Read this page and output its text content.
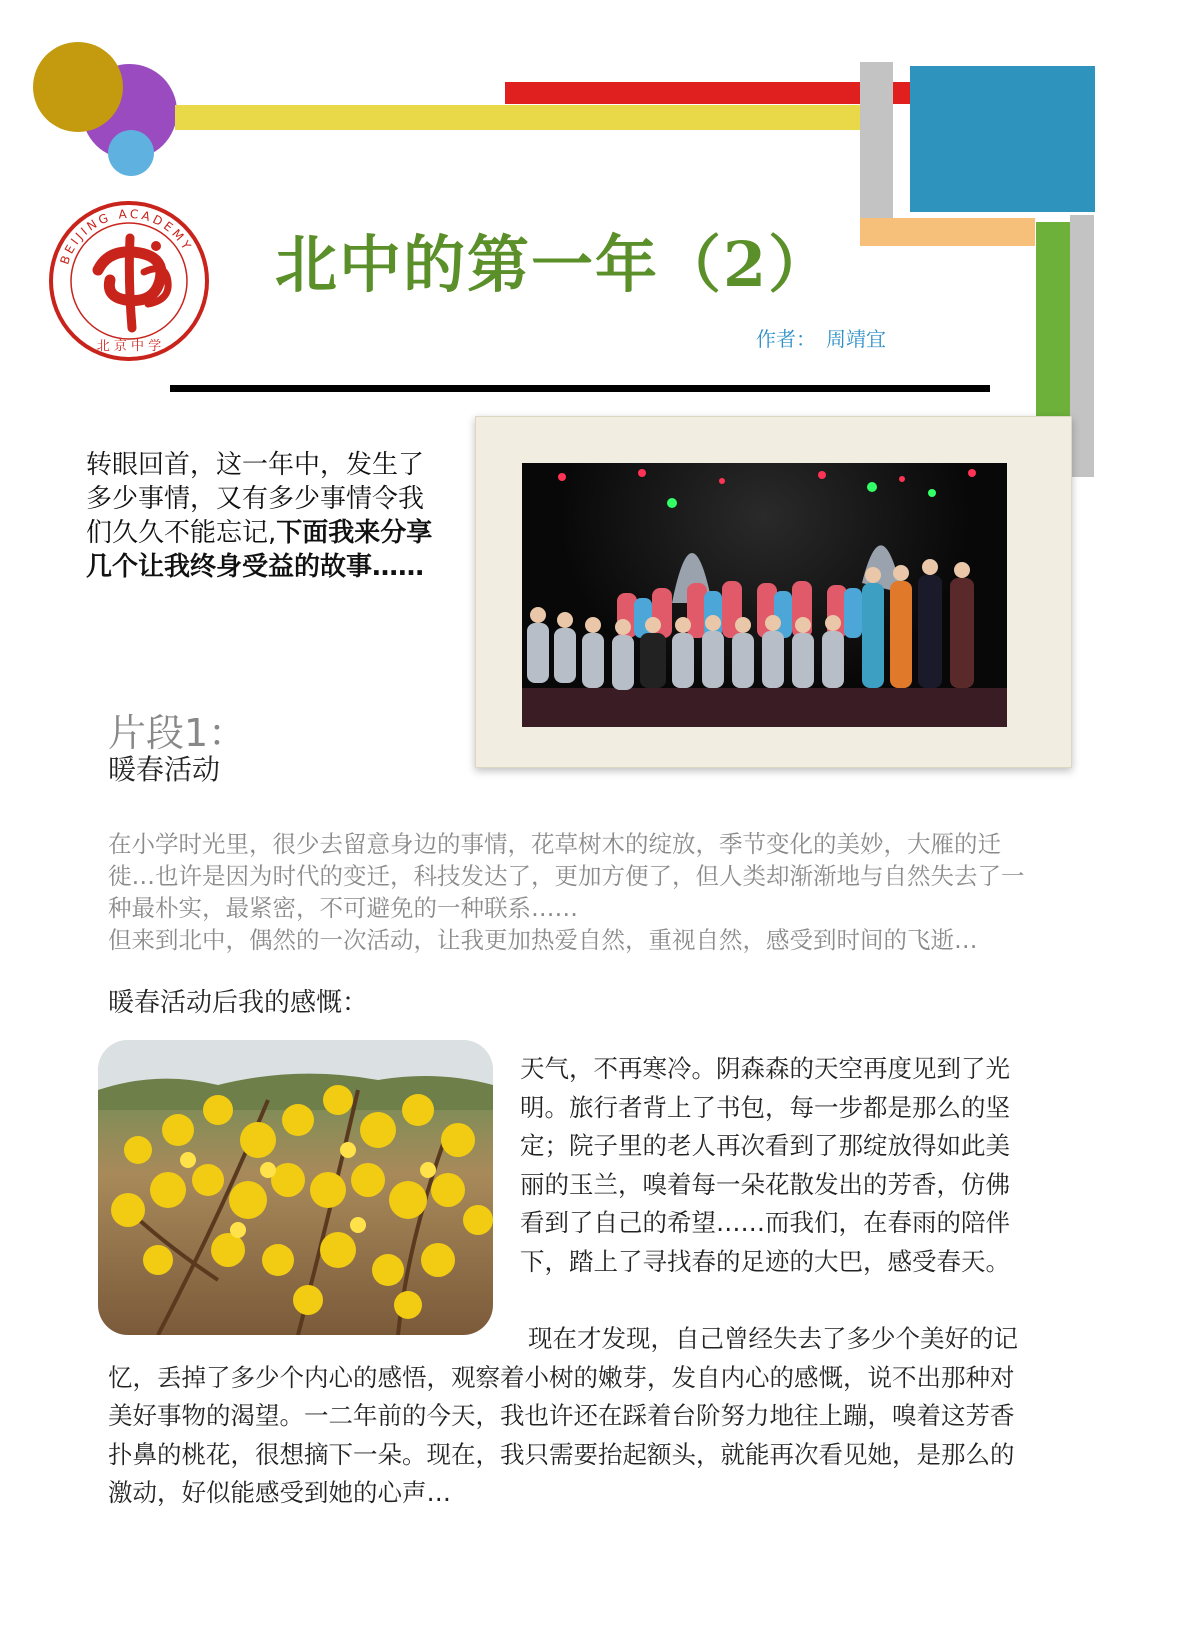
BEIJING ACADEMY
北 京 中 学
北中的第一年（2）
作者： 周靖宜
转眼回首，这一年中，发生了多少事情，又有多少事情令我们久久不能忘记,下面我来分享几个让我终身受益的故事……
片段1：
暖春活动

在小学时光里，很少去留意身边的事情，花草树木的绽放，季节变化的美妙，大雁的迁徙…也许是因为时代的变迁，科技发达了，更加方便了，但人类却渐渐地与自然失去了一种最朴实，最紧密，不可避免的一种联系……

但来到北中，偶然的一次活动，让我更加热爱自然，重视自然，感受到时间的飞逝…

暖春活动后我的感慨：
天气，不再寒冷。阴森森的天空再度见到了光明。旅行者背上了书包，每一步都是那么的坚定；院子里的老人再次看到了那绽放得如此美丽的玉兰，嗅着每一朵花散发出的芳香，仿佛看到了自己的希望……而我们，在春雨的陪伴下，踏上了寻找春的足迹的大巴，感受春天。
现在才发现，自己曾经失去了多少个美好的记忆，丢掉了多少个内心的感悟，观察着小树的嫩芽，发自内心的感慨，说不出那种对美好事物的渴望。一二年前的今天，我也许还在踩着台阶努力地往上蹦，嗅着这芳香扑鼻的桃花，很想摘下一朵。现在，我只需要抬起额头，就能再次看见她，是那么的激动，好似能感受到她的心声…
